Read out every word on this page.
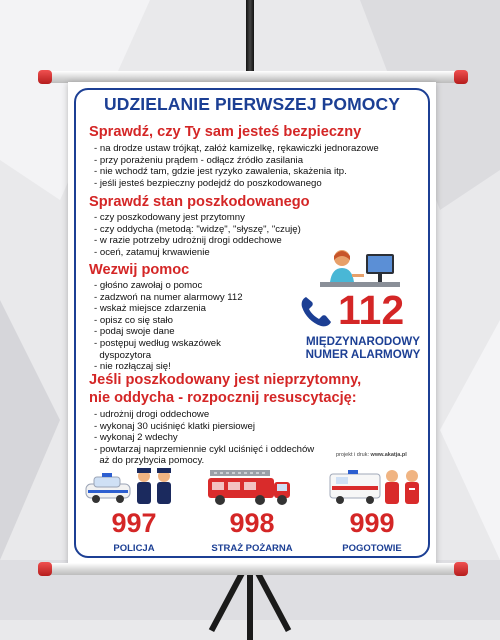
UDZIELANIE PIERWSZEJ POMOCY
Sprawdź, czy Ty sam jesteś bezpieczny
- na drodze ustaw trójkąt, załóż kamizelkę, rękawiczki jednorazowe
- przy porażeniu prądem - odłącz źródło zasilania
- nie wchodź tam, gdzie jest ryzyko zawalenia, skażenia itp.
- jeśli jesteś bezpieczny podejdź do poszkodowanego
Sprawdź stan poszkodowanego
- czy poszkodowany jest przytomny
- czy oddycha (metodą: "widzę", "słyszę", "czuję)
- w razie potrzeby udrożnij drogi oddechowe
- oceń, zatamuj krwawienie
Wezwij pomoc
- głośno zawołaj o pomoc
- zadzwoń na numer alarmowy 112
- wskaż miejsce zdarzenia
- opisz co się stało
- podaj swoje dane
- postępuj według wskazówek
dyspozytora
- nie rozłączaj się!
112
MIĘDZYNARODOWY
NUMER ALARMOWY
Jeśli poszkodowany jest nieprzytomny,
nie oddycha - rozpocznij resuscytację:
- udrożnij drogi oddechowe
- wykonaj 30 uciśnięć klatki piersiowej
- wykonaj 2 wdechy
- powtarzaj naprzemiennie cykl uciśnięć i oddechów
aż do przybycia pomocy.
projekt i druk: www.akatja.pl
997
POLICJA
998
STRAŻ POŻARNA
999
POGOTOWIE
